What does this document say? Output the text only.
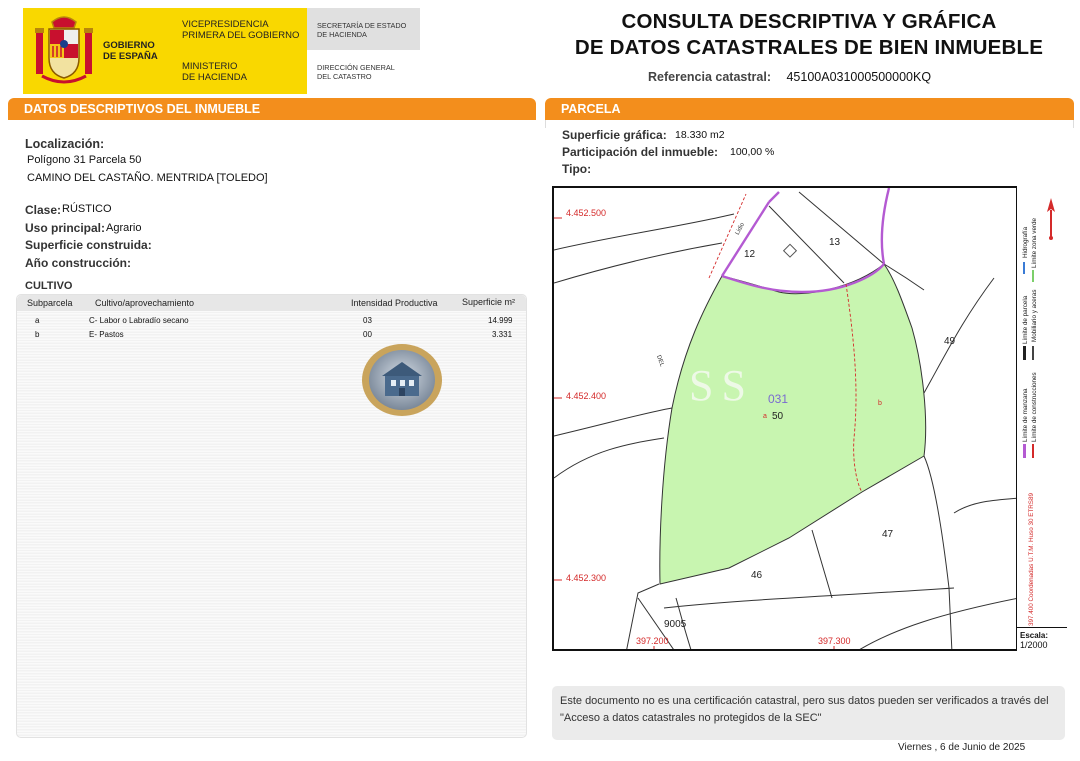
GOBIERNO
DE ESPAÑA
VICEPRESIDENCIA
PRIMERA DEL GOBIERNO
MINISTERIO
DE HACIENDA
SECRETARÍA DE ESTADO
DE HACIENDA
DIRECCIÓN GENERAL
DEL CATASTRO
CONSULTA DESCRIPTIVA Y GRÁFICA
DE DATOS CATASTRALES DE BIEN INMUEBLE
Referencia catastral: 45100A031000500000KQ
DATOS DESCRIPTIVOS DEL INMUEBLE
Localización:
Polígono 31 Parcela 50
CAMINO DEL CASTAÑO. MENTRIDA [TOLEDO]
Clase: RÚSTICO
Uso principal: Agrario
Superficie construida:
Año construcción:
CULTIVO
Subparcela Cultivo/aprovechamiento	Intensidad Productiva	Superficie m²
a	C- Labor o Labradío secano	03	14.999
b	E- Pastos	00	3.331
PARCELA
Superficie gráfica: 18.330 m2
Participación del inmueble: 100,00 %
Tipo:
4.452.500
4.452.400
4.452.300
397.200	397.300
031
12
13
49
50
47
46
9005
a
b
Lidio
DEL SS
Límite de manzana
Límite de parcela
Límite de construcciones
Mobiliario y aceras
Límite zona verde
Hidrografía
397.400 Coordenadas U.T.M. Huso 30 ETRS89
Escala:
1/2000
Este documento no es una certificación catastral, pero sus datos pueden ser verificados a través del "Acceso a datos catastrales no protegidos de la SEC"
Viernes , 6 de Junio de 2025
